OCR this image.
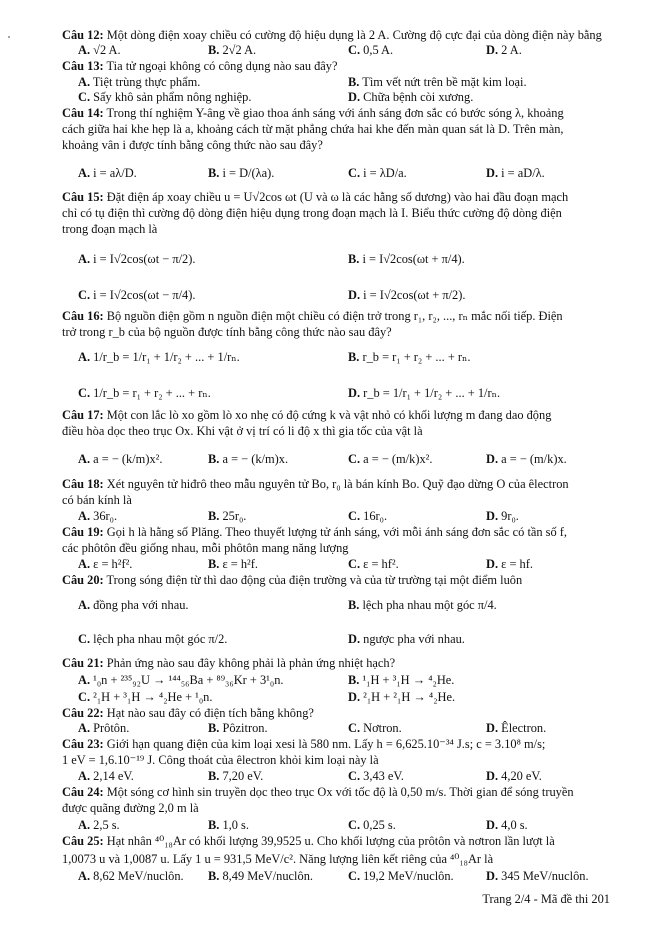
Câu 12: Một dòng điện xoay chiều có cường độ hiệu dụng là 2 A. Cường độ cực đại của dòng điện này bằng
A. √2 A.	B. 2√2 A.	C. 0,5 A.	D. 2 A.
Câu 13: Tia tử ngoại không có công dụng nào sau đây?
A. Tiệt trùng thực phẩm.	B. Tìm vết nứt trên bề mặt kim loại.
C. Sấy khô sản phẩm nông nghiệp.	D. Chữa bệnh còi xương.
Câu 14: Trong thí nghiệm Y-âng về giao thoa ánh sáng với ánh sáng đơn sắc có bước sóng λ, khoảng
cách giữa hai khe hẹp là a, khoảng cách từ mặt phẳng chứa hai khe đến màn quan sát là D. Trên màn,
khoảng vân i được tính bằng công thức nào sau đây?
A. i = aλ/D.	B. i = D/(λa).	C. i = λD/a.	D. i = aD/λ.
Câu 15: Đặt điện áp xoay chiều u = U√2cos ωt (U và ω là các hằng số dương) vào hai đầu đoạn mạch
chỉ có tụ điện thì cường độ dòng điện hiệu dụng trong đoạn mạch là I. Biểu thức cường độ dòng điện
trong đoạn mạch là
A. i = I√2cos(ωt − π/2).	B. i = I√2cos(ωt + π/4).
C. i = I√2cos(ωt − π/4).	D. i = I√2cos(ωt + π/2).
Câu 16: Bộ nguồn điện gồm n nguồn điện một chiều có điện trở trong r₁, r₂, ..., rₙ mắc nối tiếp. Điện
trở trong r_b của bộ nguồn được tính bằng công thức nào sau đây?
A. 1/r_b = 1/r₁ + 1/r₂ + ... + 1/rₙ.	B. r_b = r₁ + r₂ + ... + rₙ.
C. 1/r_b = r₁ + r₂ + ... + rₙ.	D. r_b = 1/r₁ + 1/r₂ + ... + 1/rₙ.
Câu 17: Một con lắc lò xo gồm lò xo nhẹ có độ cứng k và vật nhỏ có khối lượng m đang dao động
điều hòa dọc theo trục Ox. Khi vật ở vị trí có li độ x thì gia tốc của vật là
A. a = − (k/m)x².	B. a = − (k/m)x.	C. a = − (m/k)x².	D. a = − (m/k)x.
Câu 18: Xét nguyên tử hiđrô theo mẫu nguyên tử Bo, r₀ là bán kính Bo. Quỹ đạo dừng O của êlectron
có bán kính là
A. 36r₀.	B. 25r₀.	C. 16r₀.	D. 9r₀.
Câu 19: Gọi h là hằng số Plăng. Theo thuyết lượng tử ánh sáng, với mỗi ánh sáng đơn sắc có tần số f,
các phôtôn đều giống nhau, mỗi phôtôn mang năng lượng
A. ε = h²f².	B. ε = h²f.	C. ε = hf².	D. ε = hf.
Câu 20: Trong sóng điện từ thì dao động của điện trường và của từ trường tại một điểm luôn
A. đồng pha với nhau.	B. lệch pha nhau một góc π/4.
C. lệch pha nhau một góc π/2.	D. ngược pha với nhau.
Câu 21: Phản ứng nào sau đây không phải là phản ứng nhiệt hạch?
A. ¹₀n + ²³⁵₉₂U → ¹⁴⁴₅₆Ba + ⁸⁹₃₆Kr + 3¹₀n.	B. ¹₁H + ³₁H → ⁴₂He.
C. ²₁H + ³₁H → ⁴₂He + ¹₀n.	D. ²₁H + ²₁H → ⁴₂He.
Câu 22: Hạt nào sau đây có điện tích bằng không?
A. Prôtôn.	B. Pôzitron.	C. Nơtron.	D. Êlectron.
Câu 23: Giới hạn quang điện của kim loại xesi là 580 nm. Lấy h = 6,625.10⁻³⁴ J.s; c = 3.10⁸ m/s;
1 eV = 1,6.10⁻¹⁹ J. Công thoát của êlectron khỏi kim loại này là
A. 2,14 eV.	B. 7,20 eV.	C. 3,43 eV.	D. 4,20 eV.
Câu 24: Một sóng cơ hình sin truyền dọc theo trục Ox với tốc độ là 0,50 m/s. Thời gian để sóng truyền
được quãng đường 2,0 m là
A. 2,5 s.	B. 1,0 s.	C. 0,25 s.	D. 4,0 s.
Câu 25: Hạt nhân ⁴⁰₁₈Ar có khối lượng 39,9525 u. Cho khối lượng của prôtôn và nơtron lần lượt là
1,0073 u và 1,0087 u. Lấy 1 u = 931,5 MeV/c². Năng lượng liên kết riêng của ⁴⁰₁₈Ar là
A. 8,62 MeV/nuclôn. B. 8,49 MeV/nuclôn.	C. 19,2 MeV/nuclôn.	D. 345 MeV/nuclôn.
Trang 2/4 - Mã đề thi 201
